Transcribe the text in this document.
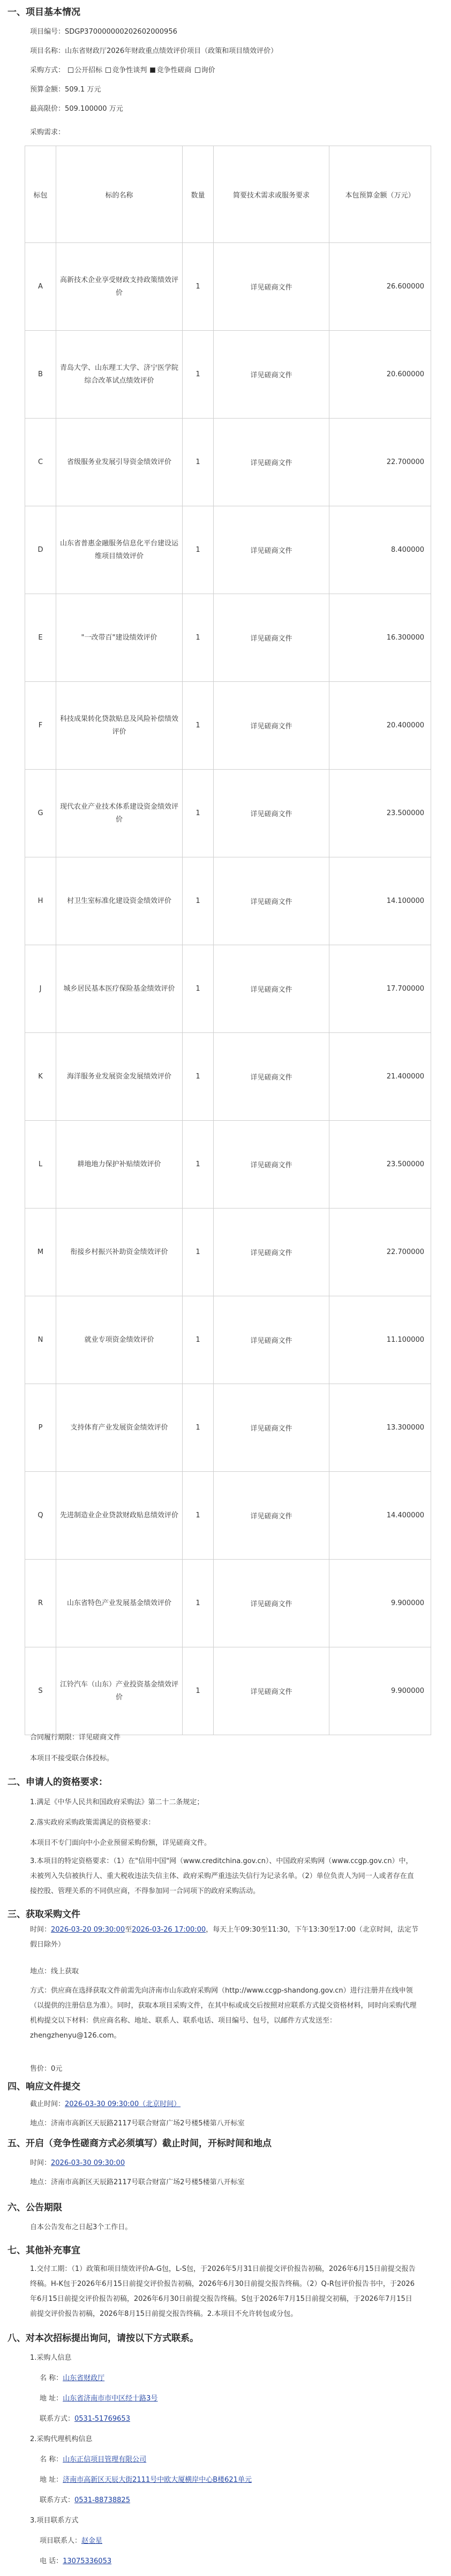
一、项目基本情况
项目编号：SDGP370000000202602000956
项目名称：山东省财政厅2026年财政重点绩效评价项目（政策和项目绩效评价）
采购方式： 公开招标 竞争性谈判 竞争性磋商 询价
预算金额：509.1 万元
最高限价：509.100000 万元
采购需求：
标包	标的名称	数量	简要技术需求或服务要求	本包预算金额（万元）
A	高新技术企业享受财政支持政策绩效评价	1	详见磋商文件	26.600000
B	青岛大学、山东理工大学、济宁医学院综合改革试点绩效评价	1	详见磋商文件	20.600000
C	省级服务业发展引导资金绩效评价	1	详见磋商文件	22.700000
D	山东省普惠金融服务信息化平台建设运维项目绩效评价	1	详见磋商文件	8.400000
E	"一改带百"建设绩效评价	1	详见磋商文件	16.300000
F	科技成果转化贷款贴息及风险补偿绩效评价	1	详见磋商文件	20.400000
G	现代农业产业技术体系建设资金绩效评价	1	详见磋商文件	23.500000
H	村卫生室标准化建设资金绩效评价	1	详见磋商文件	14.100000
J	城乡居民基本医疗保险基金绩效评价	1	详见磋商文件	17.700000
K	海洋服务业发展资金发展绩效评价	1	详见磋商文件	21.400000
L	耕地地力保护补贴绩效评价	1	详见磋商文件	23.500000
M	衔接乡村振兴补助资金绩效评价	1	详见磋商文件	22.700000
N	就业专项资金绩效评价	1	详见磋商文件	11.100000
P	支持体育产业发展资金绩效评价	1	详见磋商文件	13.300000
Q	先进制造业企业贷款财政贴息绩效评价	1	详见磋商文件	14.400000
R	山东省特色产业发展基金绩效评价	1	详见磋商文件	9.900000
S	江铃汽车（山东）产业投资基金绩效评价	1	详见磋商文件	9.900000
合同履行期限：详见磋商文件
本项目不接受联合体投标。
二、申请人的资格要求：
1.满足《中华人民共和国政府采购法》第二十二条规定；
2.落实政府采购政策需满足的资格要求：
本项目不专门面向中小企业预留采购份额，详见磋商文件。
3.本项目的特定资格要求：（1）在"信用中国"网（www.creditchina.gov.cn）、中国政府采购网（www.ccgp.gov.cn）中，未被列入失信被执行人、重大税收违法失信主体、政府采购严重违法失信行为记录名单。（2）单位负责人为同一人或者存在直接控股、管理关系的不同供应商，不得参加同一合同项下的政府采购活动。
三、获取采购文件
时间：2026-03-20 09:30:00至2026-03-26 17:00:00，每天上午09:30至11:30，下午13:30至17:00（北京时间，法定节假日除外）
地点：线上获取
方式：供应商在选择获取文件前需先向济南市山东政府采购网（http://www.ccgp-shandong.gov.cn）进行注册并在线申领（以提供的注册信息为准）。同时，获取本项目采购文件，在其中标或成交后按照对应联系方式提交资格材料，同时向采购代理机构提交以下材料：供应商名称、地址、联系人、联系电话、项目编号、包号，以邮件方式发送至：zhengzhenyu@126.com。
售价：0元
四、响应文件提交
截止时间：2026-03-30 09:30:00（北京时间）
地点：济南市高新区天辰路2117号联合财富广场2号楼5楼第八开标室
五、开启（竞争性磋商方式必须填写）截止时间，开标时间和地点
时间：2026-03-30 09:30:00
地点：济南市高新区天辰路2117号联合财富广场2号楼5楼第八开标室
六、公告期限
自本公告发布之日起3个工作日。
七、其他补充事宜
1.交付工期：（1）政策和项目绩效评价A-G包，L-S包，于2026年5月31日前提交评价报告初稿，2026年6月15日前提交报告终稿。H-K包于2026年6月15日前提交评价报告初稿，2026年6月30日前提交报告终稿。（2）Q-R包评价报告书中，于2026年6月15日前提交评价报告初稿，2026年6月30日前提交报告终稿。S包于2026年7月15日前提交初稿，于2026年7月15日前提交评价报告初稿，2026年8月15日前提交报告终稿。2.本项目不允许转包或分包。
八、对本次招标提出询问，请按以下方式联系。
1.采购人信息
名 称：山东省财政厅
地 址：山东省济南市市中区经十路3号
联系方式：0531-51769653
2.采购代理机构信息
名 称：山东正信项目管理有限公司
地 址：济南市高新区天辰大街2111号中欧大厦横岸中心B楼621单元
联系方式：0531-88738825
3.项目联系方式
项目联系人：赵金星
电 话：13075336053
